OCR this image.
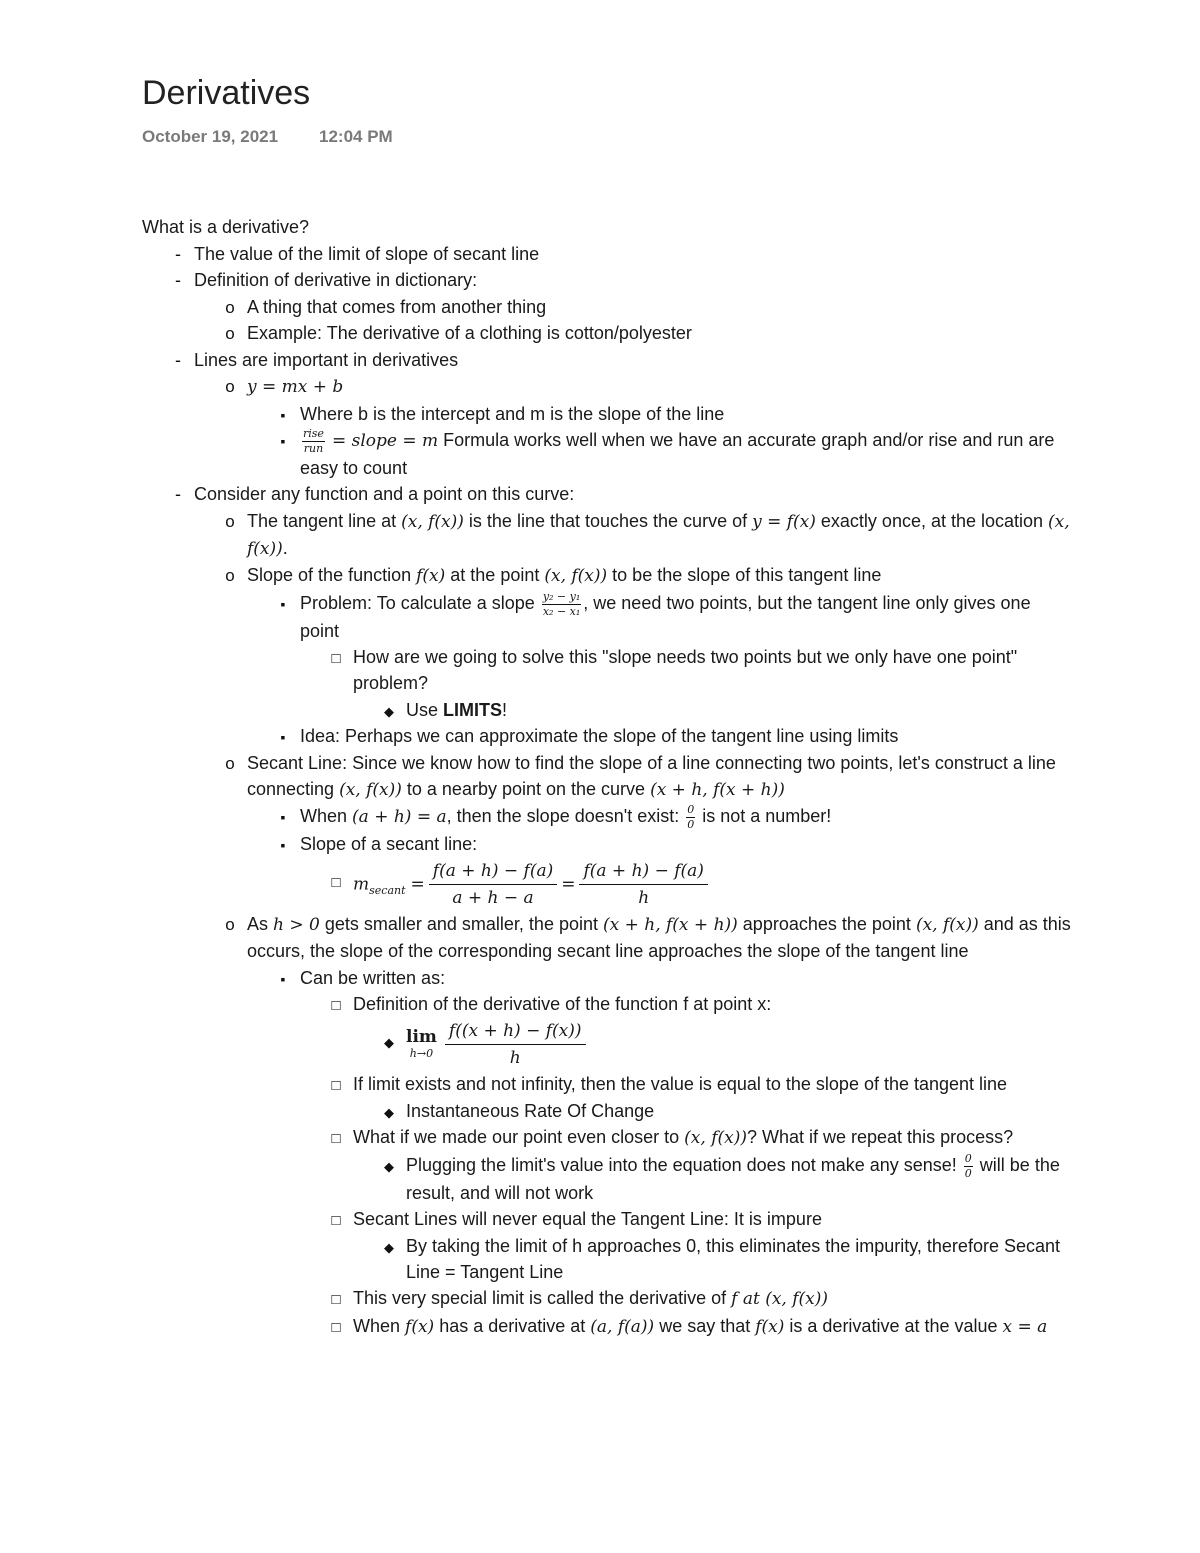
Derivatives
October 19, 2021 12:04 PM
What is a derivative?
-
The value of the limit of slope of secant line
-
Definition of derivative in dictionary:
o
A thing that comes from another thing
o
Example: The derivative of a clothing is cotton/polyester
-
Lines are important in derivatives
o
y = mx + b
▪
Where b is the intercept and m is the slope of the line
▪
$\frac{\text{rise}}{\text{run}}$ = slope = m Formula works well when we have an accurate graph and/or rise and run are easy to count
-
Consider any function and a point on this curve:
o
The tangent line at (x, f(x)) is the line that touches the curve of y = f(x) exactly once, at the location (x, f(x)).
o
Slope of the function f(x) at the point (x, f(x)) to be the slope of this tangent line
▪
Problem: To calculate a slope $\frac{\text{y₂ − y₁}}{\text{x₂ − x₁}}$ , we need two points, but the tangent line only gives one point
□
How are we going to solve this "slope needs two points but we only have one point" problem?
◆
Use LIMITS!
▪
Idea: Perhaps we can approximate the slope of the tangent line using limits
o
Secant Line: Since we know how to find the slope of a line connecting two points, let's construct a line connecting (x, f(x)) to a nearby point on the curve (x + h, f(x + h))
▪
When (a + h) = a, then the slope doesn't exist: $\frac{0}{0}$ is not a number!
▪
Slope of a secant line:
□
$m_{secant} = \frac{f(a + h) - f(a)}{a + h - a} = \frac{f(a + h) - f(a)}{h}$
o
As h > 0 gets smaller and smaller, the point (x + h, f(x + h)) approaches the point (x, f(x)) and as this occurs, the slope of the corresponding secant line approaches the slope of the tangent line
▪
Can be written as:
□
Definition of the derivative of the function f at point x:
◆
lim
$h\to 0 \frac{f((x + h) - f(x))}{h}$
□
If limit exists and not infinity, then the value is equal to the slope of the tangent line
◆
Instantaneous Rate Of Change
□
What if we made our point even closer to (x, f(x))? What if we repeat this process?
◆
Plugging the limit's value into the equation does not make any sense! $\frac{0}{0}$ will be the result, and will not work
□
Secant Lines will never equal the Tangent Line: It is impure
◆
By taking the limit of h approaches 0, this eliminates the impurity, therefore Secant Line = Tangent Line
□
This very special limit is called the derivative of f at (x, f(x))
□
When f(x) has a derivative at (a, f(a)) we say that f(x) is a derivative at the value x = a
